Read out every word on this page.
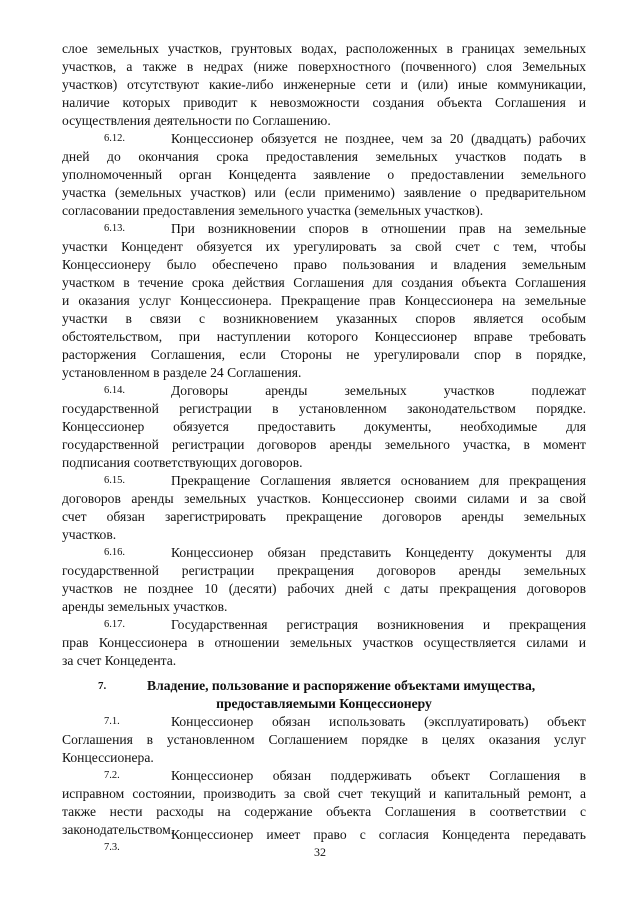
слое земельных участков, грунтовых водах, расположенных в границах земельных
участков, а также в недрах (ниже поверхностного (почвенного) слоя Земельных
участков) отсутствуют какие-либо инженерные сети и (или) иные коммуникации,
наличие которых приводит к невозможности создания объекта Соглашения и
осуществления деятельности по Соглашению.
6.12.	Концессионер обязуется не позднее, чем за 20 (двадцать) рабочих
дней до окончания срока предоставления земельных участков подать в
уполномоченный орган Концедента заявление о предоставлении земельного
участка (земельных участков) или (если применимо) заявление о предварительном
согласовании предоставления земельного участка (земельных участков).
6.13.	При возникновении споров в отношении прав на земельные
участки Концедент обязуется их урегулировать за свой счет с тем, чтобы
Концессионеру было обеспечено право пользования и владения земельным
участком в течение срока действия Соглашения для создания объекта Соглашения
и оказания услуг Концессионера. Прекращение прав Концессионера на земельные
участки в связи с возникновением указанных споров является особым
обстоятельством, при наступлении которого Концессионер вправе требовать
расторжения Соглашения, если Стороны не урегулировали спор в порядке,
установленном в разделе 24 Соглашения.
6.14.	Договоры аренды земельных участков подлежат
государственной регистрации в установленном законодательством порядке.
Концессионер обязуется предоставить документы, необходимые для
государственной регистрации договоров аренды земельного участка, в момент
подписания соответствующих договоров.
6.15.	Прекращение Соглашения является основанием для прекращения
договоров аренды земельных участков. Концессионер своими силами и за свой
счет обязан зарегистрировать прекращение договоров аренды земельных
участков.
6.16.	Концессионер обязан представить Концеденту документы для
государственной регистрации прекращения договоров аренды земельных
участков не позднее 10 (десяти) рабочих дней с даты прекращения договоров
аренды земельных участков.
6.17.	Государственная регистрация возникновения и прекращения
прав Концессионера в отношении земельных участков осуществляется силами и
за счет Концедента.
7.	Владение, пользование и распоряжение объектами имущества,
предоставляемыми Концессионеру
7.1.	Концессионер обязан использовать (эксплуатировать) объект
Соглашения в установленном Соглашением порядке в целях оказания услуг
Концессионера.
7.2.	Концессионер обязан поддерживать объект Соглашения в
исправном состоянии, производить за свой счет текущий и капитальный ремонт, а
также нести расходы на содержание объекта Соглашения в соответствии с
законодательством.
7.3.
Концессионер имеет право с согласия Концедента передавать
32
